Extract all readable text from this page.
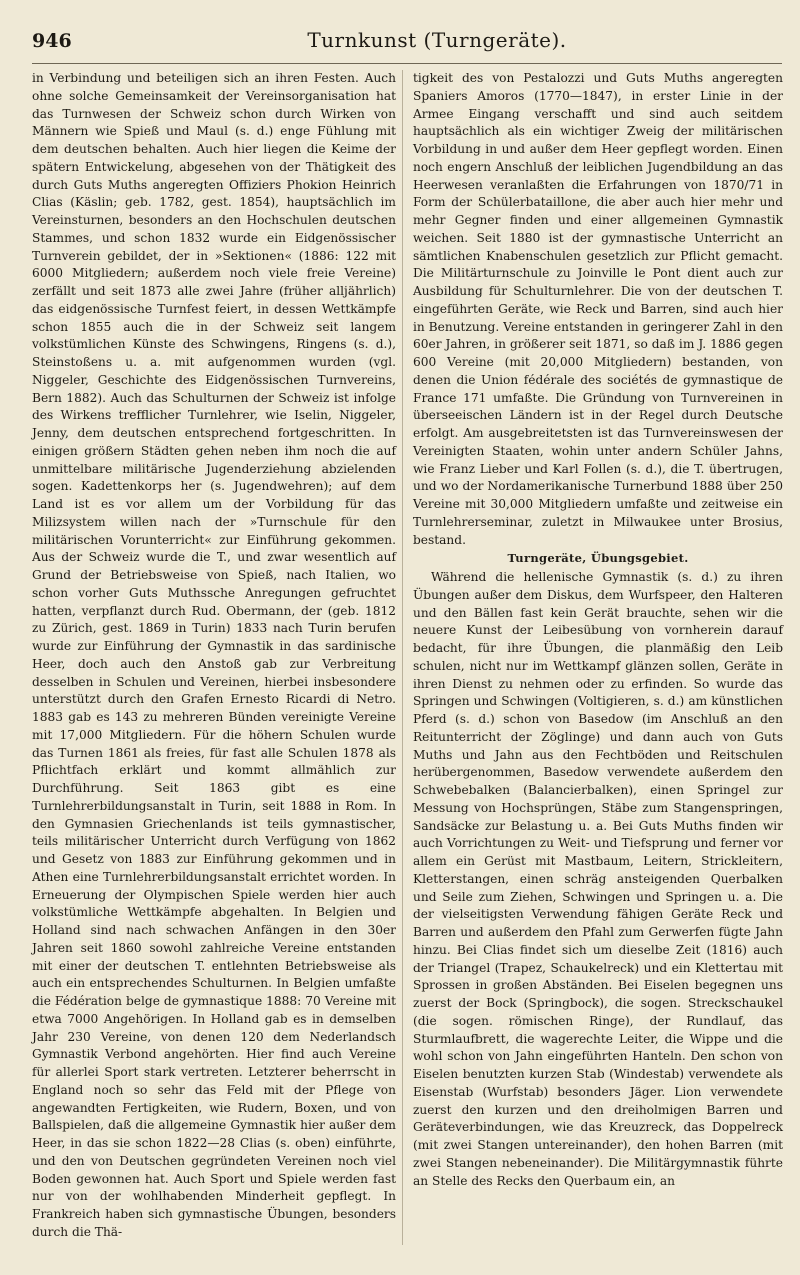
946	Turnkunst (Turngeräte).

in Verbindung und beteiligen sich an ihren Festen. Auch ohne solche Gemeinsamkeit der Vereinsorganisation hat das Turnwesen der Schweiz schon durch Wirken von Männern wie Spieß und Maul (s. d.) enge Fühlung mit dem deutschen behalten. Auch hier liegen die Keime der spätern Entwickelung, abgesehen von der Thätigkeit des durch Guts Muths angeregten Offiziers Phokion Heinrich Clias (Käslin; geb. 1782, gest. 1854), hauptsächlich im Vereinsturnen, besonders an den Hochschulen deutschen Stammes, und schon 1832 wurde ein Eidgenössischer Turnverein gebildet, der in »Sektionen« (1886: 122 mit 6000 Mitgliedern; außerdem noch viele freie Vereine) zerfällt und seit 1873 alle zwei Jahre (früher alljährlich) das eidgenössische Turnfest feiert, in dessen Wettkämpfe schon 1855 auch die in der Schweiz seit langem volkstümlichen Künste des Schwingens, Ringens (s. d.), Steinstoßens u. a. mit aufgenommen wurden (vgl. Niggeler, Geschichte des Eidgenössischen Turnvereins, Bern 1882). Auch das Schulturnen der Schweiz ist infolge des Wirkens trefflicher Turnlehrer, wie Iselin, Niggeler, Jenny, dem deutschen entsprechend fortgeschritten. In einigen größern Städten gehen neben ihm noch die auf unmittelbare militärische Jugenderziehung abzielenden sogen. Kadettenkorps her (s. Jugendwehren); auf dem Land ist es vor allem um der Vorbildung für das Milizsystem willen nach der »Turnschule für den militärischen Vorunterricht« zur Einführung gekommen. Aus der Schweiz wurde die T., und zwar wesentlich auf Grund der Betriebsweise von Spieß, nach Italien, wo schon vorher Guts Muthssche Anregungen gefruchtet hatten, verpflanzt durch Rud. Obermann, der (geb. 1812 zu Zürich, gest. 1869 in Turin) 1833 nach Turin berufen wurde zur Einführung der Gymnastik in das sardinische Heer, doch auch den Anstoß gab zur Verbreitung desselben in Schulen und Vereinen, hierbei insbesondere unterstützt durch den Grafen Ernesto Ricardi di Netro. 1883 gab es 143 zu mehreren Bünden vereinigte Vereine mit 17,000 Mitgliedern. Für die höhern Schulen wurde das Turnen 1861 als freies, für fast alle Schulen 1878 als Pflichtfach erklärt und kommt allmählich zur Durchführung. Seit 1863 gibt es eine Turnlehrerbildungsanstalt in Turin, seit 1888 in Rom. In den Gymnasien Griechenlands ist teils gymnastischer, teils militärischer Unterricht durch Verfügung von 1862 und Gesetz von 1883 zur Einführung gekommen und in Athen eine Turnlehrerbildungsanstalt errichtet worden. In Erneuerung der Olympischen Spiele werden hier auch volkstümliche Wettkämpfe abgehalten. In Belgien und Holland sind nach schwachen Anfängen in den 30er Jahren seit 1860 sowohl zahlreiche Vereine entstanden mit einer der deutschen T. entlehnten Betriebsweise als auch ein entsprechendes Schulturnen. In Belgien umfaßte die Fédération belge de gymnastique 1888: 70 Vereine mit etwa 7000 Angehörigen. In Holland gab es in demselben Jahr 230 Vereine, von denen 120 dem Nederlandsch Gymnastik Verbond angehörten. Hier find auch Vereine für allerlei Sport stark vertreten. Letzterer beherrscht in England noch so sehr das Feld mit der Pflege von angewandten Fertigkeiten, wie Rudern, Boxen, und von Ballspielen, daß die allgemeine Gymnastik hier außer dem Heer, in das sie schon 1822—28 Clias (s. oben) einführte, und den von Deutschen gegründeten Vereinen noch viel Boden gewonnen hat. Auch Sport und Spiele werden fast nur von der wohlhabenden Minderheit gepflegt. In Frankreich haben sich gymnastische Übungen, besonders durch die Thä-

tigkeit des von Pestalozzi und Guts Muths angeregten Spaniers Amoros (1770—1847), in erster Linie in der Armee Eingang verschafft und sind auch seitdem hauptsächlich als ein wichtiger Zweig der militärischen Vorbildung in und außer dem Heer gepflegt worden. Einen noch engern Anschluß der leiblichen Jugendbildung an das Heerwesen veranlaßten die Erfahrungen von 1870/71 in Form der Schülerbataillone, die aber auch hier mehr und mehr Gegner finden und einer allgemeinen Gymnastik weichen. Seit 1880 ist der gymnastische Unterricht an sämtlichen Knabenschulen gesetzlich zur Pflicht gemacht. Die Militärturnschule zu Joinville le Pont dient auch zur Ausbildung für Schulturnlehrer. Die von der deutschen T. eingeführten Geräte, wie Reck und Barren, sind auch hier in Benutzung. Vereine entstanden in geringerer Zahl in den 60er Jahren, in größerer seit 1871, so daß im J. 1886 gegen 600 Vereine (mit 20,000 Mitgliedern) bestanden, von denen die Union fédérale des sociétés de gymnastique de France 171 umfaßte. Die Gründung von Turnvereinen in überseeischen Ländern ist in der Regel durch Deutsche erfolgt. Am ausgebreitetsten ist das Turnvereinswesen der Vereinigten Staaten, wohin unter andern Schüler Jahns, wie Franz Lieber und Karl Follen (s. d.), die T. übertrugen, und wo der Nordamerikanische Turnerbund 1888 über 250 Vereine mit 30,000 Mitgliedern umfaßte und zeitweise ein Turnlehrerseminar, zuletzt in Milwaukee unter Brosius, bestand.

Turngeräte, Übungsgebiet.

Während die hellenische Gymnastik (s. d.) zu ihren Übungen außer dem Diskus, dem Wurfspeer, den Halteren und den Bällen fast kein Gerät brauchte, sehen wir die neuere Kunst der Leibesübung von vornherein darauf bedacht, für ihre Übungen, die planmäßig den Leib schulen, nicht nur im Wettkampf glänzen sollen, Geräte in ihren Dienst zu nehmen oder zu erfinden. So wurde das Springen und Schwingen (Voltigieren, s. d.) am künstlichen Pferd (s. d.) schon von Basedow (im Anschluß an den Reitunterricht der Zöglinge) und dann auch von Guts Muths und Jahn aus den Fechtböden und Reitschulen herübergenommen, Basedow verwendete außerdem den Schwebebalken (Balancierbalken), einen Springel zur Messung von Hochsprüngen, Stäbe zum Stangenspringen, Sandsäcke zur Belastung u. a. Bei Guts Muths finden wir auch Vorrichtungen zu Weit- und Tiefsprung und ferner vor allem ein Gerüst mit Mastbaum, Leitern, Strickleitern, Kletterstangen, einen schräg ansteigenden Querbalken und Seile zum Ziehen, Schwingen und Springen u. a. Die der vielseitigsten Verwendung fähigen Geräte Reck und Barren und außerdem den Pfahl zum Gerwerfen fügte Jahn hinzu. Bei Clias findet sich um dieselbe Zeit (1816) auch der Triangel (Trapez, Schaukelreck) und ein Klettertau mit Sprossen in großen Abständen. Bei Eiselen begegnen uns zuerst der Bock (Springbock), die sogen. Streckschaukel (die sogen. römischen Ringe), der Rundlauf, das Sturmlaufbrett, die wagerechte Leiter, die Wippe und die wohl schon von Jahn eingeführten Hanteln. Den schon von Eiselen benutzten kurzen Stab (Windestab) verwendete als Eisenstab (Wurfstab) besonders Jäger. Lion verwendete zuerst den kurzen und den dreiholmigen Barren und Geräteverbindungen, wie das Kreuzreck, das Doppelreck (mit zwei Stangen untereinander), den hohen Barren (mit zwei Stangen nebeneinander). Die Militärgymnastik führte an Stelle des Recks den Querbaum ein, an
